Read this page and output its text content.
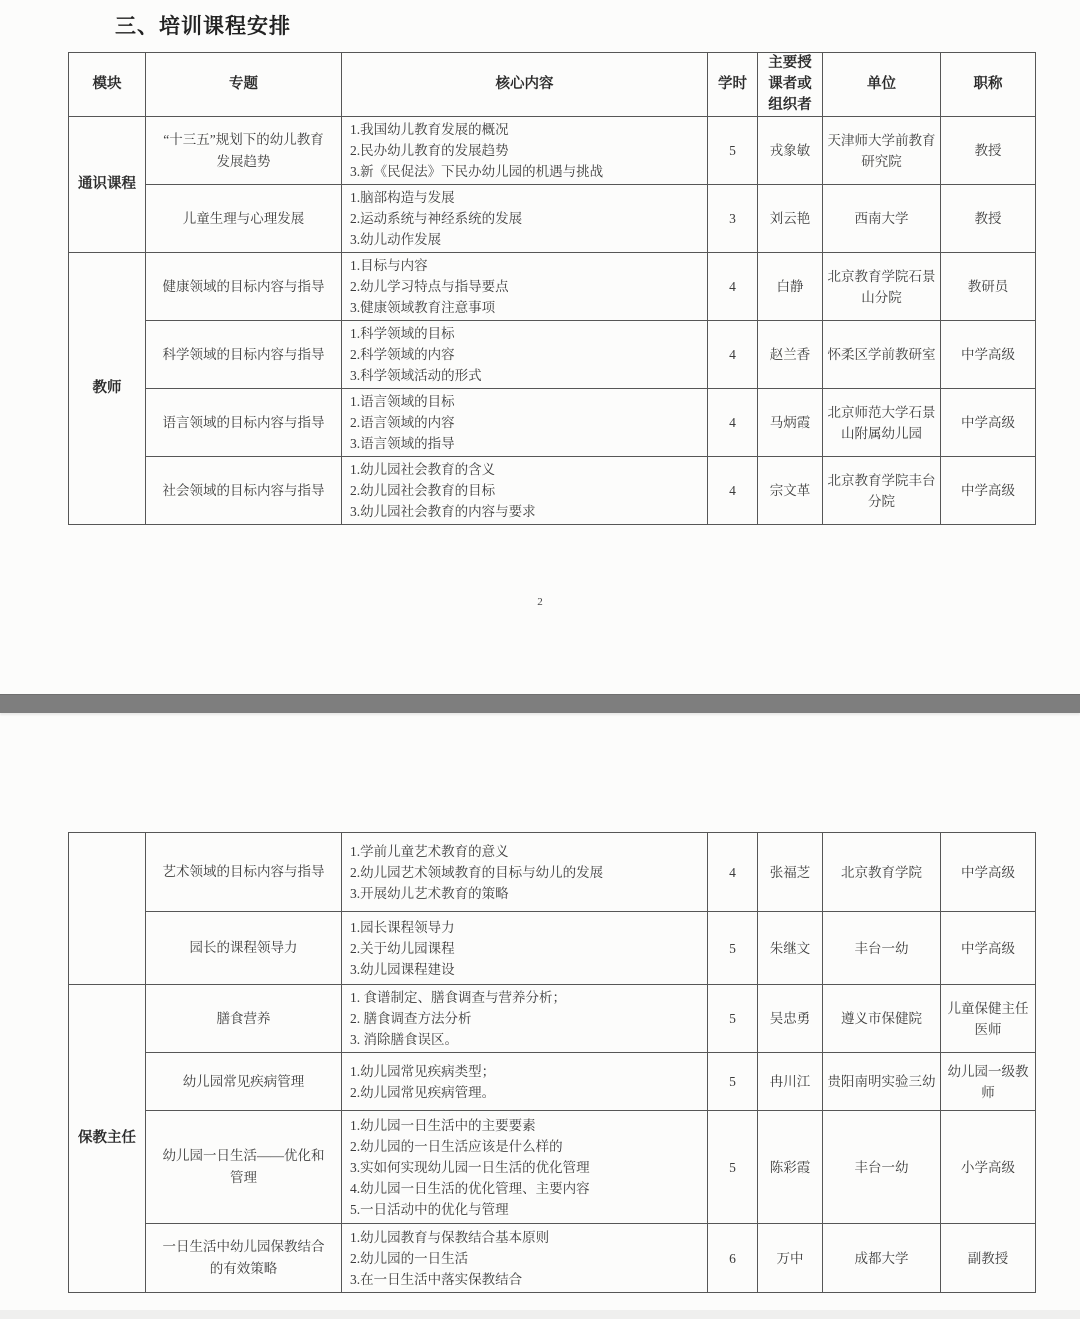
三、培训课程安排
模块	专题	核心内容	学时	主要授课者或组织者	单位	职称
通识课程	“十三五”规划下的幼儿教育发展趋势	1.我国幼儿教育发展的概况
2.民办幼儿教育的发展趋势
3.新《民促法》下民办幼儿园的机遇与挑战	5	戎象敏	天津师大学前教育研究院	教授
	儿童生理与心理发展	1.脑部构造与发展
2.运动系统与神经系统的发展
3.幼儿动作发展	3	刘云艳	西南大学	教授
教师	健康领域的目标内容与指导	1.目标与内容
2.幼儿学习特点与指导要点
3.健康领域教育注意事项	4	白静	北京教育学院石景山分院	教研员
	科学领域的目标内容与指导	1.科学领域的目标
2.科学领域的内容
3.科学领域活动的形式	4	赵兰香	怀柔区学前教研室	中学高级
	语言领域的目标内容与指导	1.语言领域的目标
2.语言领域的内容
3.语言领域的指导	4	马炳霞	北京师范大学石景山附属幼儿园	中学高级
	社会领域的目标内容与指导	1.幼儿园社会教育的含义
2.幼儿园社会教育的目标
3.幼儿园社会教育的内容与要求	4	宗文革	北京教育学院丰台分院	中学高级
2
	艺术领域的目标内容与指导	1.学前儿童艺术教育的意义
2.幼儿园艺术领域教育的目标与幼儿的发展
3.开展幼儿艺术教育的策略	4	张福芝	北京教育学院	中学高级
	园长的课程领导力	1.园长课程领导力
2.关于幼儿园课程
3.幼儿园课程建设	5	朱继文	丰台一幼	中学高级
保教主任	膳食营养	1. 食谱制定、膳食调查与营养分析；
2. 膳食调查方法分析
3. 消除膳食误区。	5	吴忠勇	遵义市保健院	儿童保健主任医师
	幼儿园常见疾病管理	1.幼儿园常见疾病类型；
2.幼儿园常见疾病管理。	5	冉川江	贵阳南明实验三幼	幼儿园一级教师
	幼儿园一日生活——优化和管理	1.幼儿园一日生活中的主要要素
2.幼儿园的一日生活应该是什么样的
3.实如何实现幼儿园一日生活的优化管理
4.幼儿园一日生活的优化管理、主要内容
5.一日活动中的优化与管理	5	陈彩霞	丰台一幼	小学高级
	一日生活中幼儿园保教结合的有效策略	1.幼儿园教育与保教结合基本原则
2.幼儿园的一日生活
3.在一日生活中落实保教结合	6	万中	成都大学	副教授
